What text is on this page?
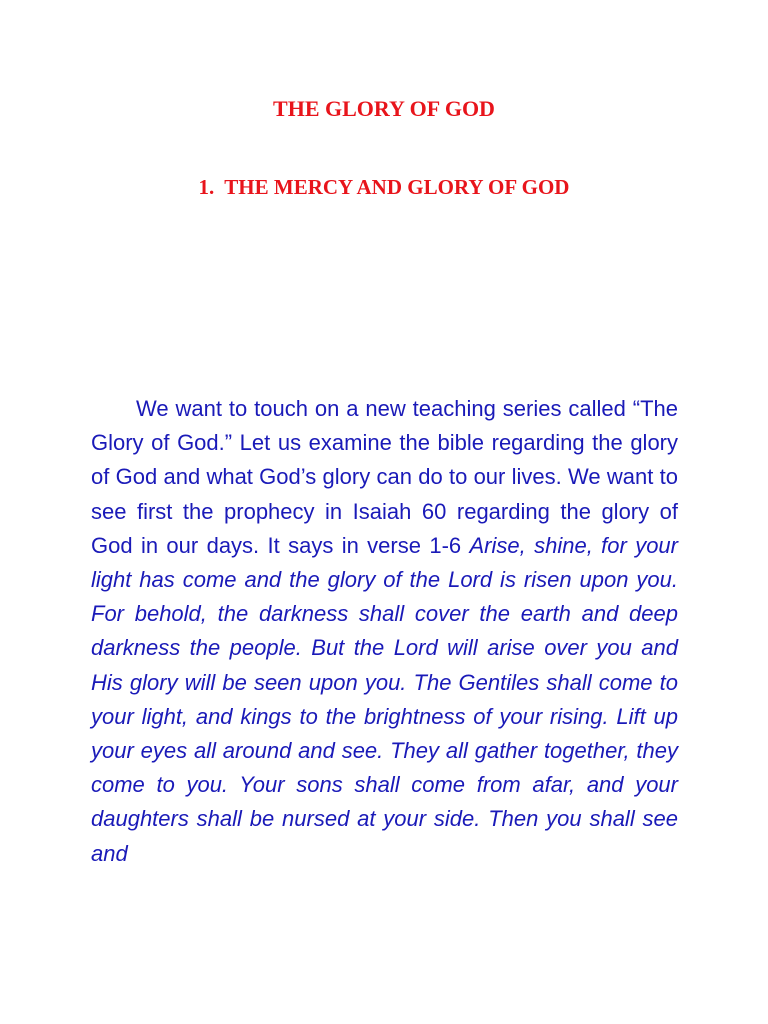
THE GLORY OF GOD
1. THE MERCY AND GLORY OF GOD

We want to touch on a new teaching series called “The Glory of God.” Let us examine the bible regarding the glory of God and what God’s glory can do to our lives. We want to see first the prophecy in Isaiah 60 regarding the glory of God in our days. It says in verse 1-6 Arise, shine, for your light has come and the glory of the Lord is risen upon you. For behold, the darkness shall cover the earth and deep darkness the people. But the Lord will arise over you and His glory will be seen upon you. The Gentiles shall come to your light, and kings to the brightness of your rising. Lift up your eyes all around and see. They all gather together, they come to you. Your sons shall come from afar, and your daughters shall be nursed at your side. Then you shall see and
